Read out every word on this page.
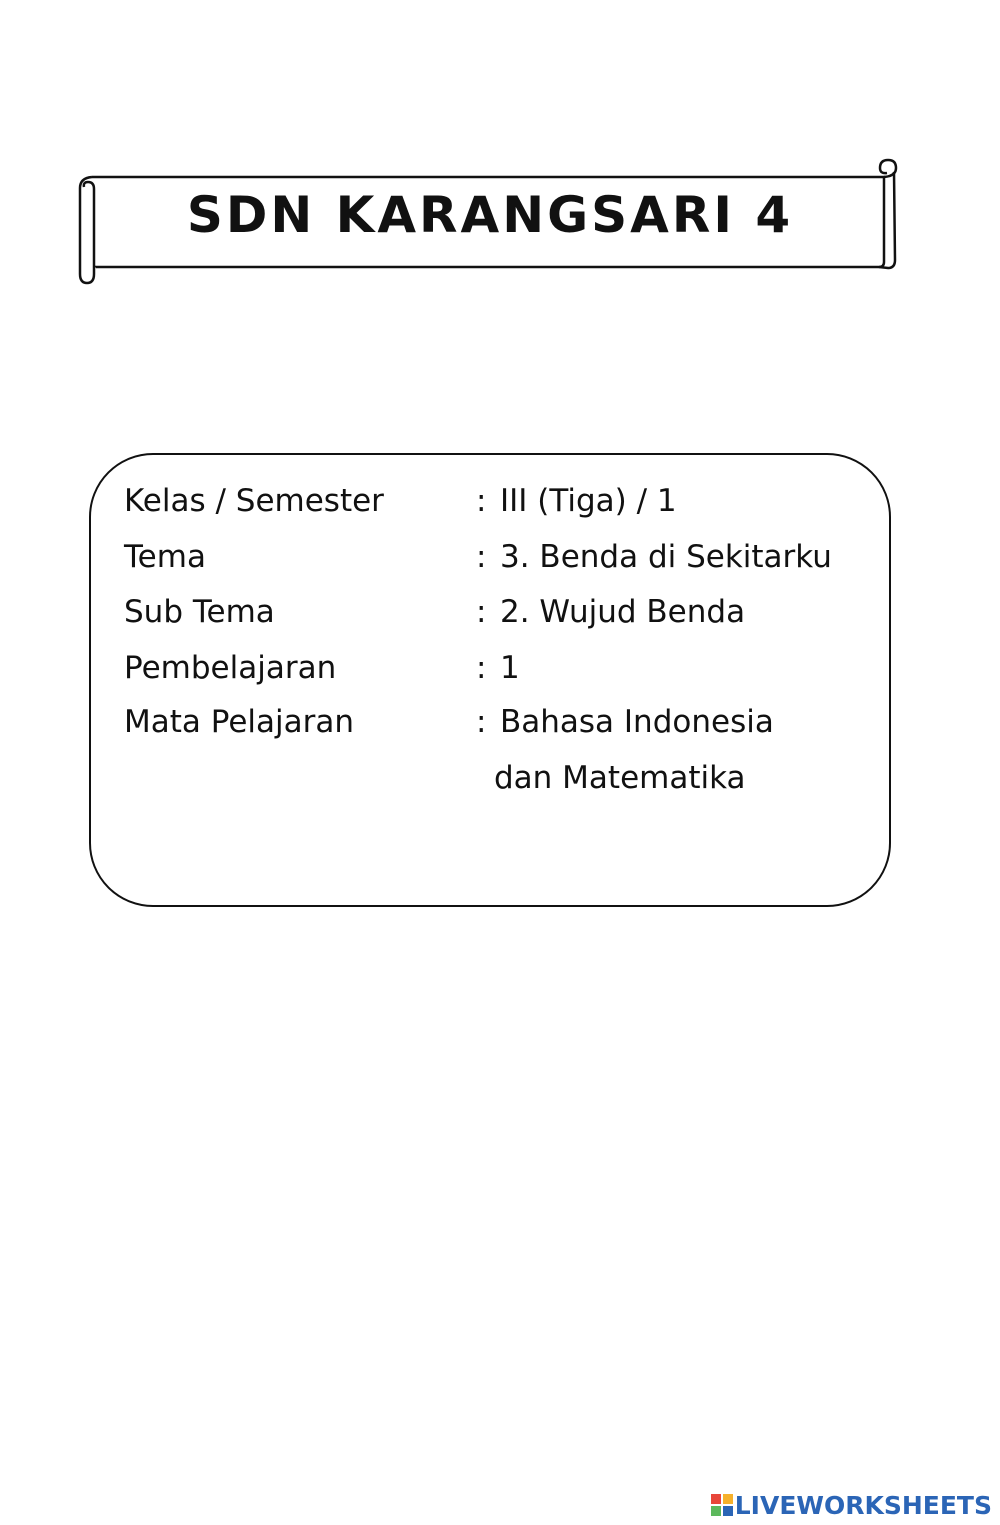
SDN KARANGSARI 4
Kelas / Semester	: III (Tiga) / 1
Tema	: 3. Benda di Sekitarku
Sub Tema	: 2. Wujud Benda
Pembelajaran	: 1
Mata Pelajaran	: Bahasa Indonesia
dan Matematika
LIVEWORKSHEETS
